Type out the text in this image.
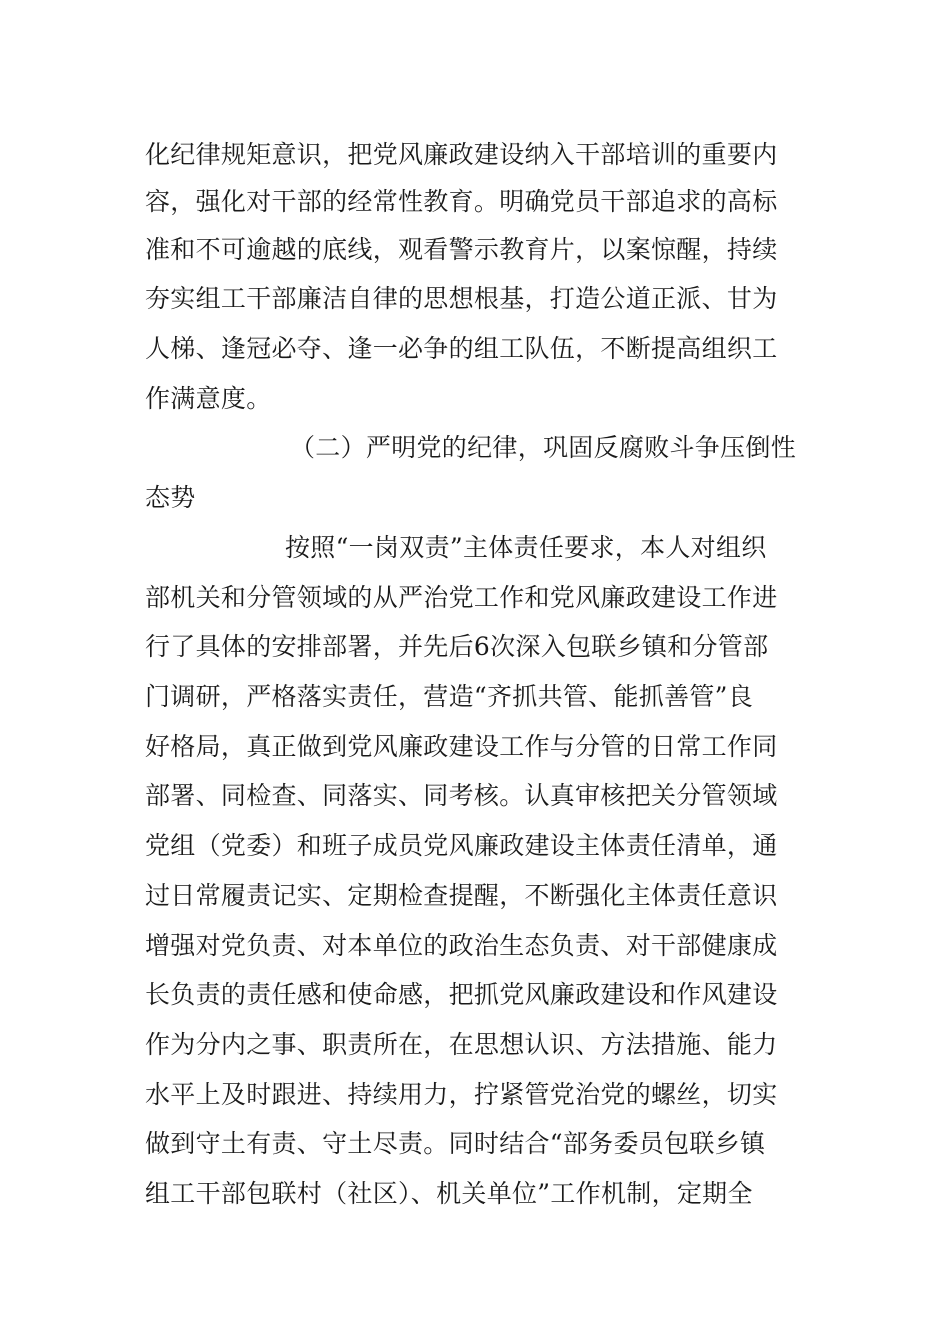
化纪律规矩意识，把党风廉政建设纳入干部培训的重要内
容，强化对干部的经常性教育。明确党员干部追求的高标
准和不可逾越的底线，观看警示教育片，以案惊醒，持续
夯实组工干部廉洁自律的思想根基，打造公道正派、甘为
人梯、逢冠必夺、逢一必争的组工队伍，不断提高组织工
作满意度。
（二）严明党的纪律，巩固反腐败斗争压倒性
态势
按照“一岗双责”主体责任要求，本人对组织
部机关和分管领域的从严治党工作和党风廉政建设工作进
行了具体的安排部署，并先后6次深入包联乡镇和分管部
门调研，严格落实责任，营造“齐抓共管、能抓善管”良
好格局，真正做到党风廉政建设工作与分管的日常工作同
部署、同检查、同落实、同考核。认真审核把关分管领域
党组（党委）和班子成员党风廉政建设主体责任清单，通
过日常履责记实、定期检查提醒，不断强化主体责任意识
增强对党负责、对本单位的政治生态负责、对干部健康成
长负责的责任感和使命感，把抓党风廉政建设和作风建设
作为分内之事、职责所在，在思想认识、方法措施、能力
水平上及时跟进、持续用力，拧紧管党治党的螺丝，切实
做到守土有责、守土尽责。同时结合“部务委员包联乡镇
组工干部包联村（社区）、机关单位”工作机制，定期全
